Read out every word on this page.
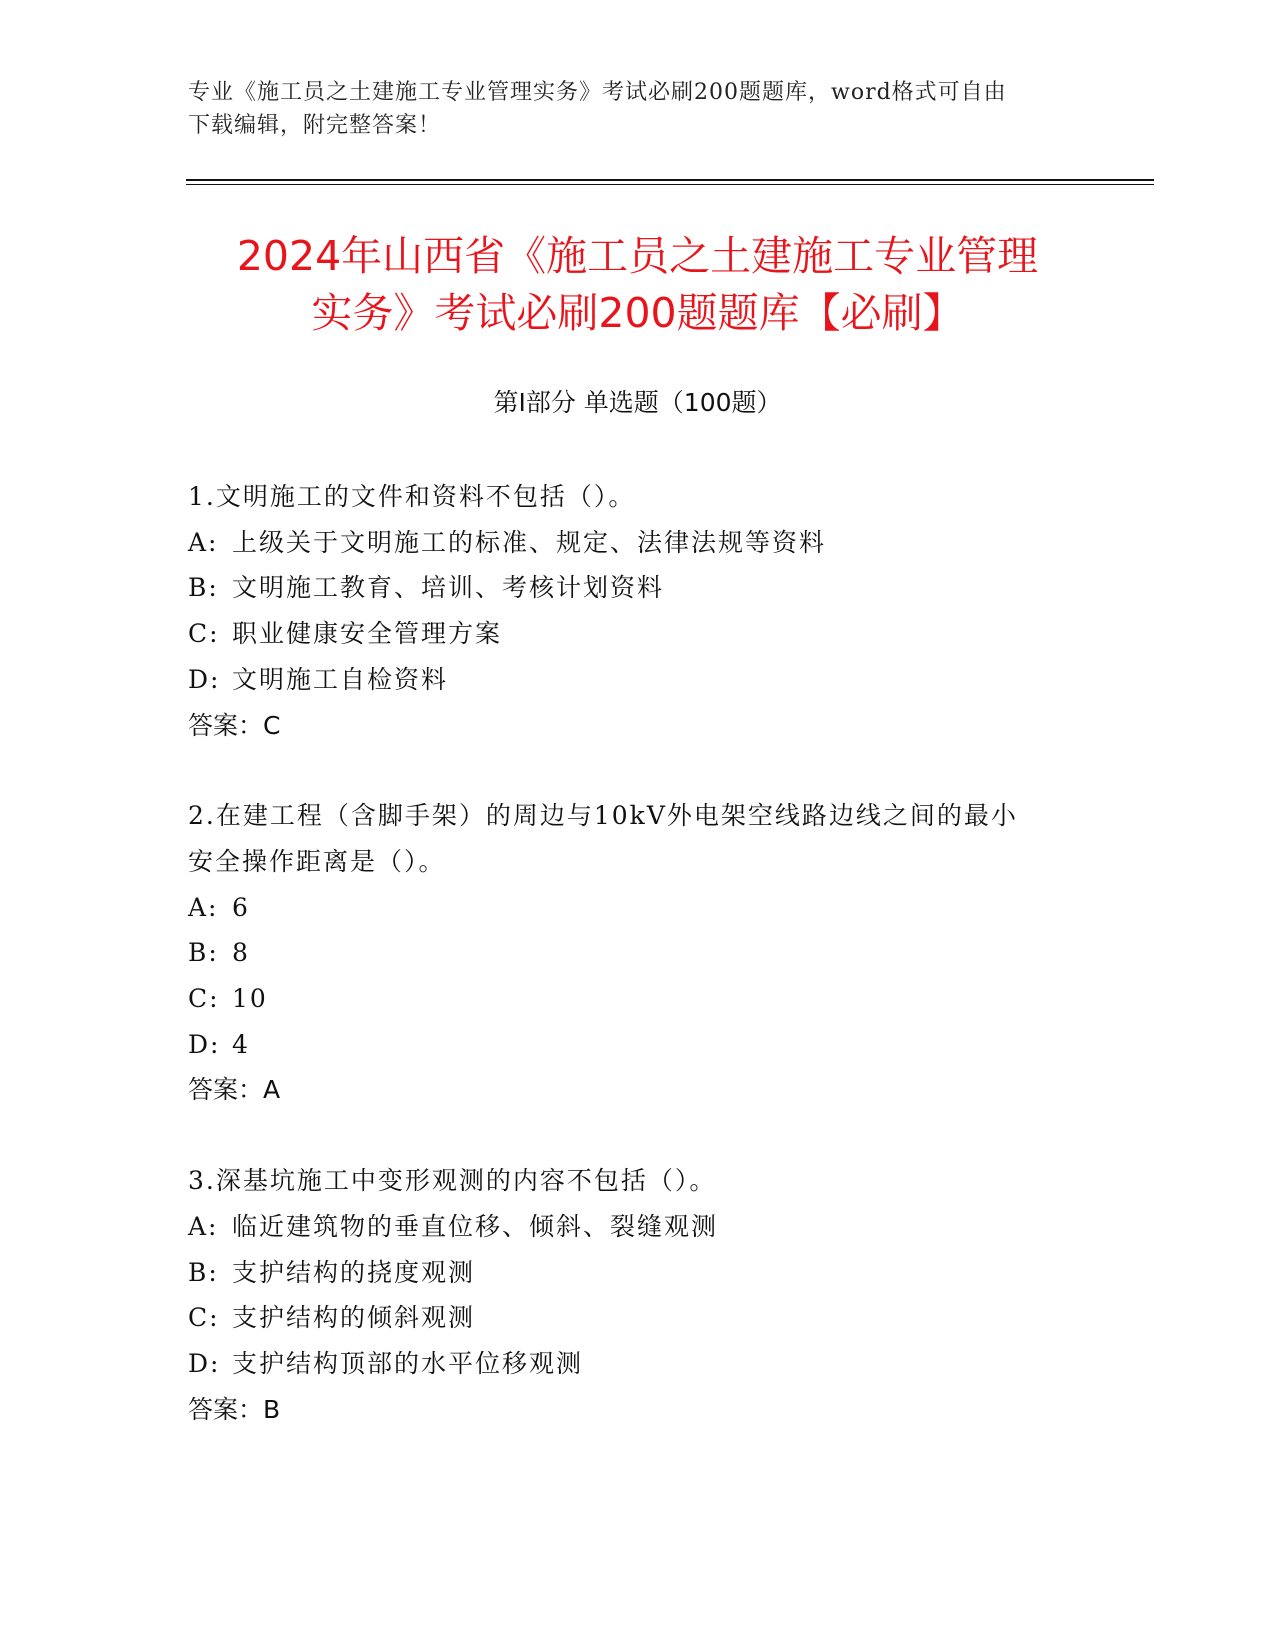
专业《施工员之土建施工专业管理实务》考试必刷200题题库，word格式可自由
下载编辑，附完整答案！
2024年山西省《施工员之土建施工专业管理
实务》考试必刷200题题库【必刷】
第I部分 单选题（100题）
1.文明施工的文件和资料不包括（）。
A: 上级关于文明施工的标准、规定、法律法规等资料
B: 文明施工教育、培训、考核计划资料
C: 职业健康安全管理方案
D: 文明施工自检资料
答案：C
2.在建工程（含脚手架）的周边与10kV外电架空线路边线之间的最小
安全操作距离是（）。
A: 6
B: 8
C: 10
D: 4
答案：A
3.深基坑施工中变形观测的内容不包括（）。
A: 临近建筑物的垂直位移、倾斜、裂缝观测
B: 支护结构的挠度观测
C: 支护结构的倾斜观测
D: 支护结构顶部的水平位移观测
答案：B
